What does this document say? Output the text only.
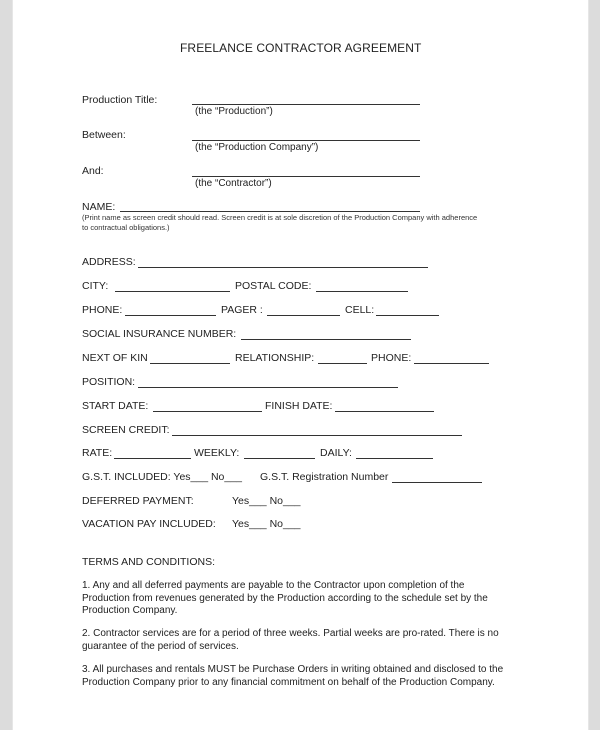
FREELANCE CONTRACTOR AGREEMENT
Production Title:
(the “Production”)
Between:
(the “Production Company”)
And:
(the “Contractor”)
NAME:
(Print name as screen credit should read. Screen credit is at sole discretion of the Production Company with adherence
to contractual obligations.)
ADDRESS:
CITY:	POSTAL CODE:
PHONE:	PAGER :	CELL:
SOCIAL INSURANCE NUMBER:
NEXT OF KIN	RELATIONSHIP:	PHONE:
POSITION:
START DATE:	FINISH DATE:
SCREEN CREDIT:
RATE:	WEEKLY:	DAILY:
G.S.T. INCLUDED: Yes___ No___ G.S.T. Registration Number
DEFERRED PAYMENT:	Yes___ No___
VACATION PAY INCLUDED: Yes___ No___
TERMS AND CONDITIONS:
1. Any and all deferred payments are payable to the Contractor upon completion of the Production from revenues generated by the Production according to the schedule set by the Production Company.
2. Contractor services are for a period of three weeks. Partial weeks are pro-rated. There is no guarantee of the period of services.
3. All purchases and rentals MUST be Purchase Orders in writing obtained and disclosed to the Production Company prior to any financial commitment on behalf of the Production Company.
